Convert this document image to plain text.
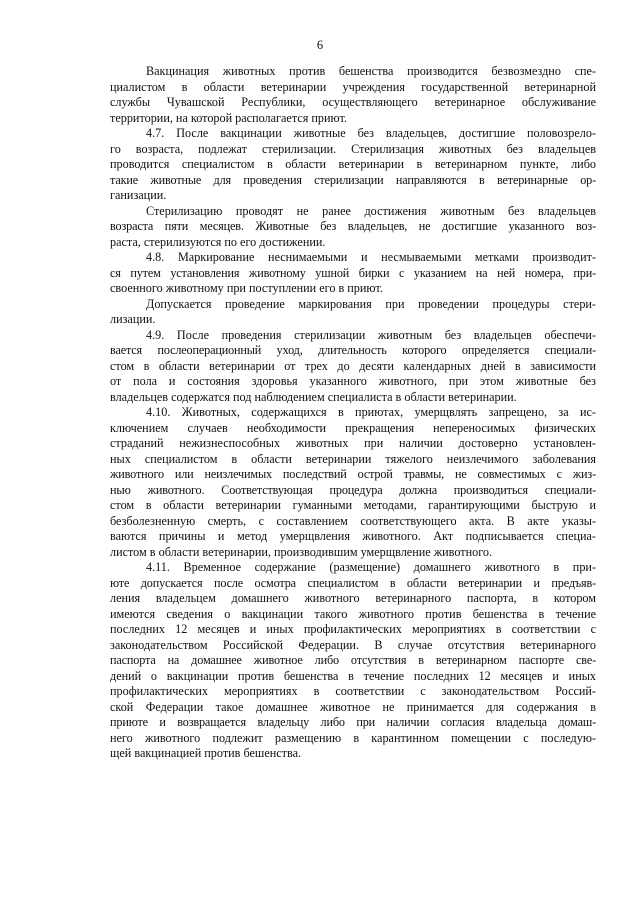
6
Вакцинация животных против бешенства производится безвозмездно спе-
циалистом в области ветеринарии учреждения государственной ветеринарной
службы Чувашской Республики, осуществляющего ветеринарное обслуживание
территории, на которой располагается приют.
4.7. После вакцинации животные без владельцев, достигшие половозрело-
го возраста, подлежат стерилизации. Стерилизация животных без владельцев
проводится специалистом в области ветеринарии в ветеринарном пункте, либо
такие животные для проведения стерилизации направляются в ветеринарные ор-
ганизации.
Стерилизацию проводят не ранее достижения животным без владельцев
возраста пяти месяцев. Животные без владельцев, не достигшие указанного воз-
раста, стерилизуются по его достижении.
4.8. Маркирование неснимаемыми и несмываемыми метками производит-
ся путем установления животному ушной бирки с указанием на ней номера, при-
своенного животному при поступлении его в приют.
Допускается проведение маркирования при проведении процедуры стери-
лизации.
4.9. После проведения стерилизации животным без владельцев обеспечи-
вается послеоперационный уход, длительность которого определяется специали-
стом в области ветеринарии от трех до десяти календарных дней в зависимости
от пола и состояния здоровья указанного животного, при этом животные без
владельцев содержатся под наблюдением специалиста в области ветеринарии.
4.10. Животных, содержащихся в приютах, умерщвлять запрещено, за ис-
ключением случаев необходимости прекращения непереносимых физических
страданий нежизнеспособных животных при наличии достоверно установлен-
ных специалистом в области ветеринарии тяжелого неизлечимого заболевания
животного или неизлечимых последствий острой травмы, не совместимых с жиз-
нью животного. Соответствующая процедура должна производиться специали-
стом в области ветеринарии гуманными методами, гарантирующими быструю и
безболезненную смерть, с составлением соответствующего акта. В акте указы-
ваются причины и метод умерщвления животного. Акт подписывается специа-
листом в области ветеринарии, производившим умерщвление животного.
4.11. Временное содержание (размещение) домашнего животного в при-
юте допускается после осмотра специалистом в области ветеринарии и предъяв-
ления владельцем домашнего животного ветеринарного паспорта, в котором
имеются сведения о вакцинации такого животного против бешенства в течение
последних 12 месяцев и иных профилактических мероприятиях в соответствии с
законодательством Российской Федерации. В случае отсутствия ветеринарного
паспорта на домашнее животное либо отсутствия в ветеринарном паспорте све-
дений о вакцинации против бешенства в течение последних 12 месяцев и иных
профилактических мероприятиях в соответствии с законодательством Россий-
ской Федерации такое домашнее животное не принимается для содержания в
приюте и возвращается владельцу либо при наличии согласия владельца домаш-
него животного подлежит размещению в карантинном помещении с последую-
щей вакцинацией против бешенства.
